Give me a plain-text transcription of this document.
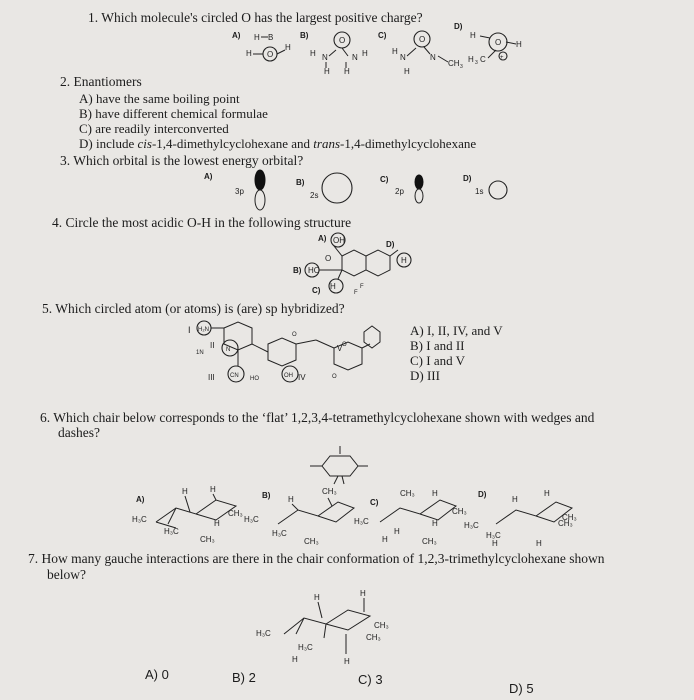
1. Which molecule's circled O has the largest positive charge?
A)	B)	C)
D)
H B
H O
H
O
H N	N H
H H
O
H
N	N
CH 3
H
H
O H
H 3 C +
2. Enantiomers
A) have the same boiling point
B) have different chemical formulae
C) are readily interconverted
D) include cis-1,4-dimethylcyclohexane and trans-1,4-dimethylcyclohexane
3. Which orbital is the lowest energy orbital?
A)
B)	C)	D)
3p	2s	2p	1s
4. Circle the most acidic O-H in the following structure
A)
B)
C)
D)
OH
H
HO
O
H	F
F
5. Which circled atom (or atoms) is (are) sp hybridized?
I
II
III	IV
V
H₂N
N
1N
CN HO
O
OH
O
O
A) I, II, IV, and V
B) I and II
C) I and V
D) III
6. Which chair below corresponds to the ‘flat’ 1,2,3,4-tetramethylcyclohexane shown with wedges and
dashes?
A)	B)
C)
D)
H	H
H₃C
H₃C
CH₃
H
CH₃
H
CH₃
H₃C
H₃C
CH₃
CH₃ H
H₃C
CH₃
H
H
H	CH₃
H
H
H₃C
H₃C
CH₃
CH₃
H	H
7. How many gauche interactions are there in the chair conformation of 1,2,3-trimethylcyclohexane shown
below?
H	H
H₃C
CH₃
CH₃
H₃C
H	H
A) 0	B) 2	C) 3
D) 5
